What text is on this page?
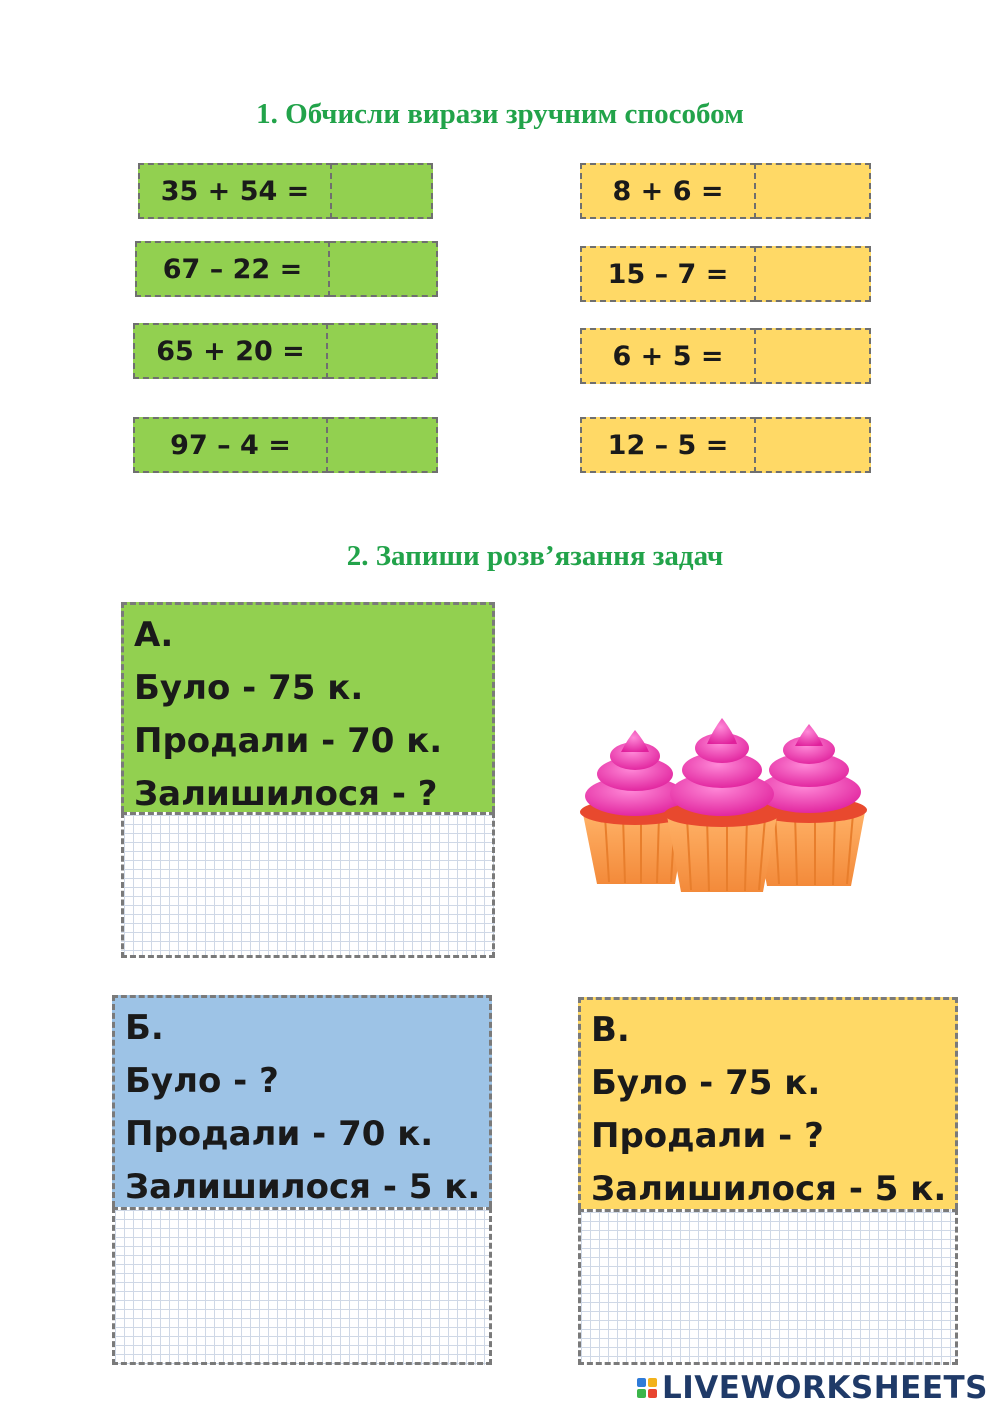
1. Обчисли вирази зручним способом
35 + 54 =
67 – 22 =
65 + 20 =
97 – 4 =
8 + 6 =
15 – 7 =
6 + 5 =
12 – 5 =
2. Запиши розв’язання задач
А.
Було - 75 к.
Продали - 70 к.
Залишилося - ?
Б.
Було - ?
Продали - 70 к.
Залишилося - 5 к.
В.
Було - 75 к.
Продали - ?
Залишилося - 5 к.
LIVEWORKSHEETS
